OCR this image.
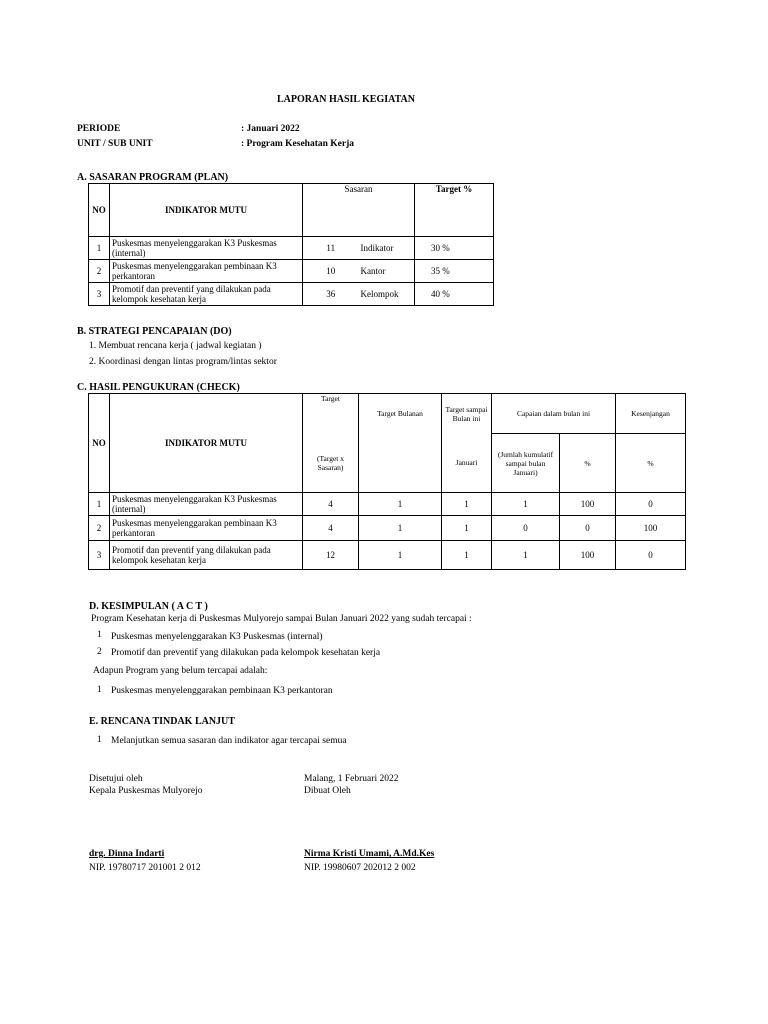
LAPORAN HASIL KEGIATAN
PERIODE	: Januari 2022
UNIT / SUB UNIT	: Program Kesehatan Kerja
A. SASARAN PROGRAM (PLAN)
NO	INDIKATOR MUTU	Sasaran		Target %
1	Puskesmas menyelenggarakan K3 Puskesmas (internal)	11	Indikator	30 %
2	Puskesmas menyelenggarakan pembinaan K3 perkantoran	10	Kantor	35 %
3	Promotif dan preventif yang dilakukan pada kelompok kesehatan kerja	36	Kelompok	40 %
B. STRATEGI PENCAPAIAN (DO)
1. Membuat rencana kerja ( jadwal kegiatan )
2. Koordinasi dengan lintas program/lintas sektor
C. HASIL PENGUKURAN (CHECK)
NO	INDIKATOR MUTU	Target	Target Bulanan	Target sampai Bulan ini	Capaian dalam bulan ini		Kesenjangan
		(Target x Sasaran)		Januari	(Jumlah kumulatif sampai bulan Januari)	%	%
1	Puskesmas menyelenggarakan K3 Puskesmas (internal)	4	1	1	1	100	0
2	Puskesmas menyelenggarakan pembinaan K3 perkantoran	4	1	1	0	0	100
3	Promotif dan preventif yang dilakukan pada kelompok kesehatan kerja	12	1	1	1	100	0
D. KESIMPULAN ( A C T )
Program Kesehatan kerja di Puskesmas Mulyorejo sampai Bulan Januari 2022 yang sudah tercapai :
1 Puskesmas menyelenggarakan K3 Puskesmas (internal)
2 Promotif dan preventif yang dilakukan pada kelompok kesehatan kerja
Adapun Program yang belum tercapai adalah:
1 Puskesmas menyelenggarakan pembinaan K3 perkantoran
E. RENCANA TINDAK LANJUT
1 Melanjutkan semua sasaran dan indikator agar tercapai semua
Disetujui oleh
Kepala Puskesmas Mulyorejo
Malang, 1 Februari 2022
Dibuat Oleh
drg. Dinna Indarti
NIP. 19780717 201001 2 012
Nirma Kristi Umami, A.Md.Kes
NIP. 19980607 202012 2 002
